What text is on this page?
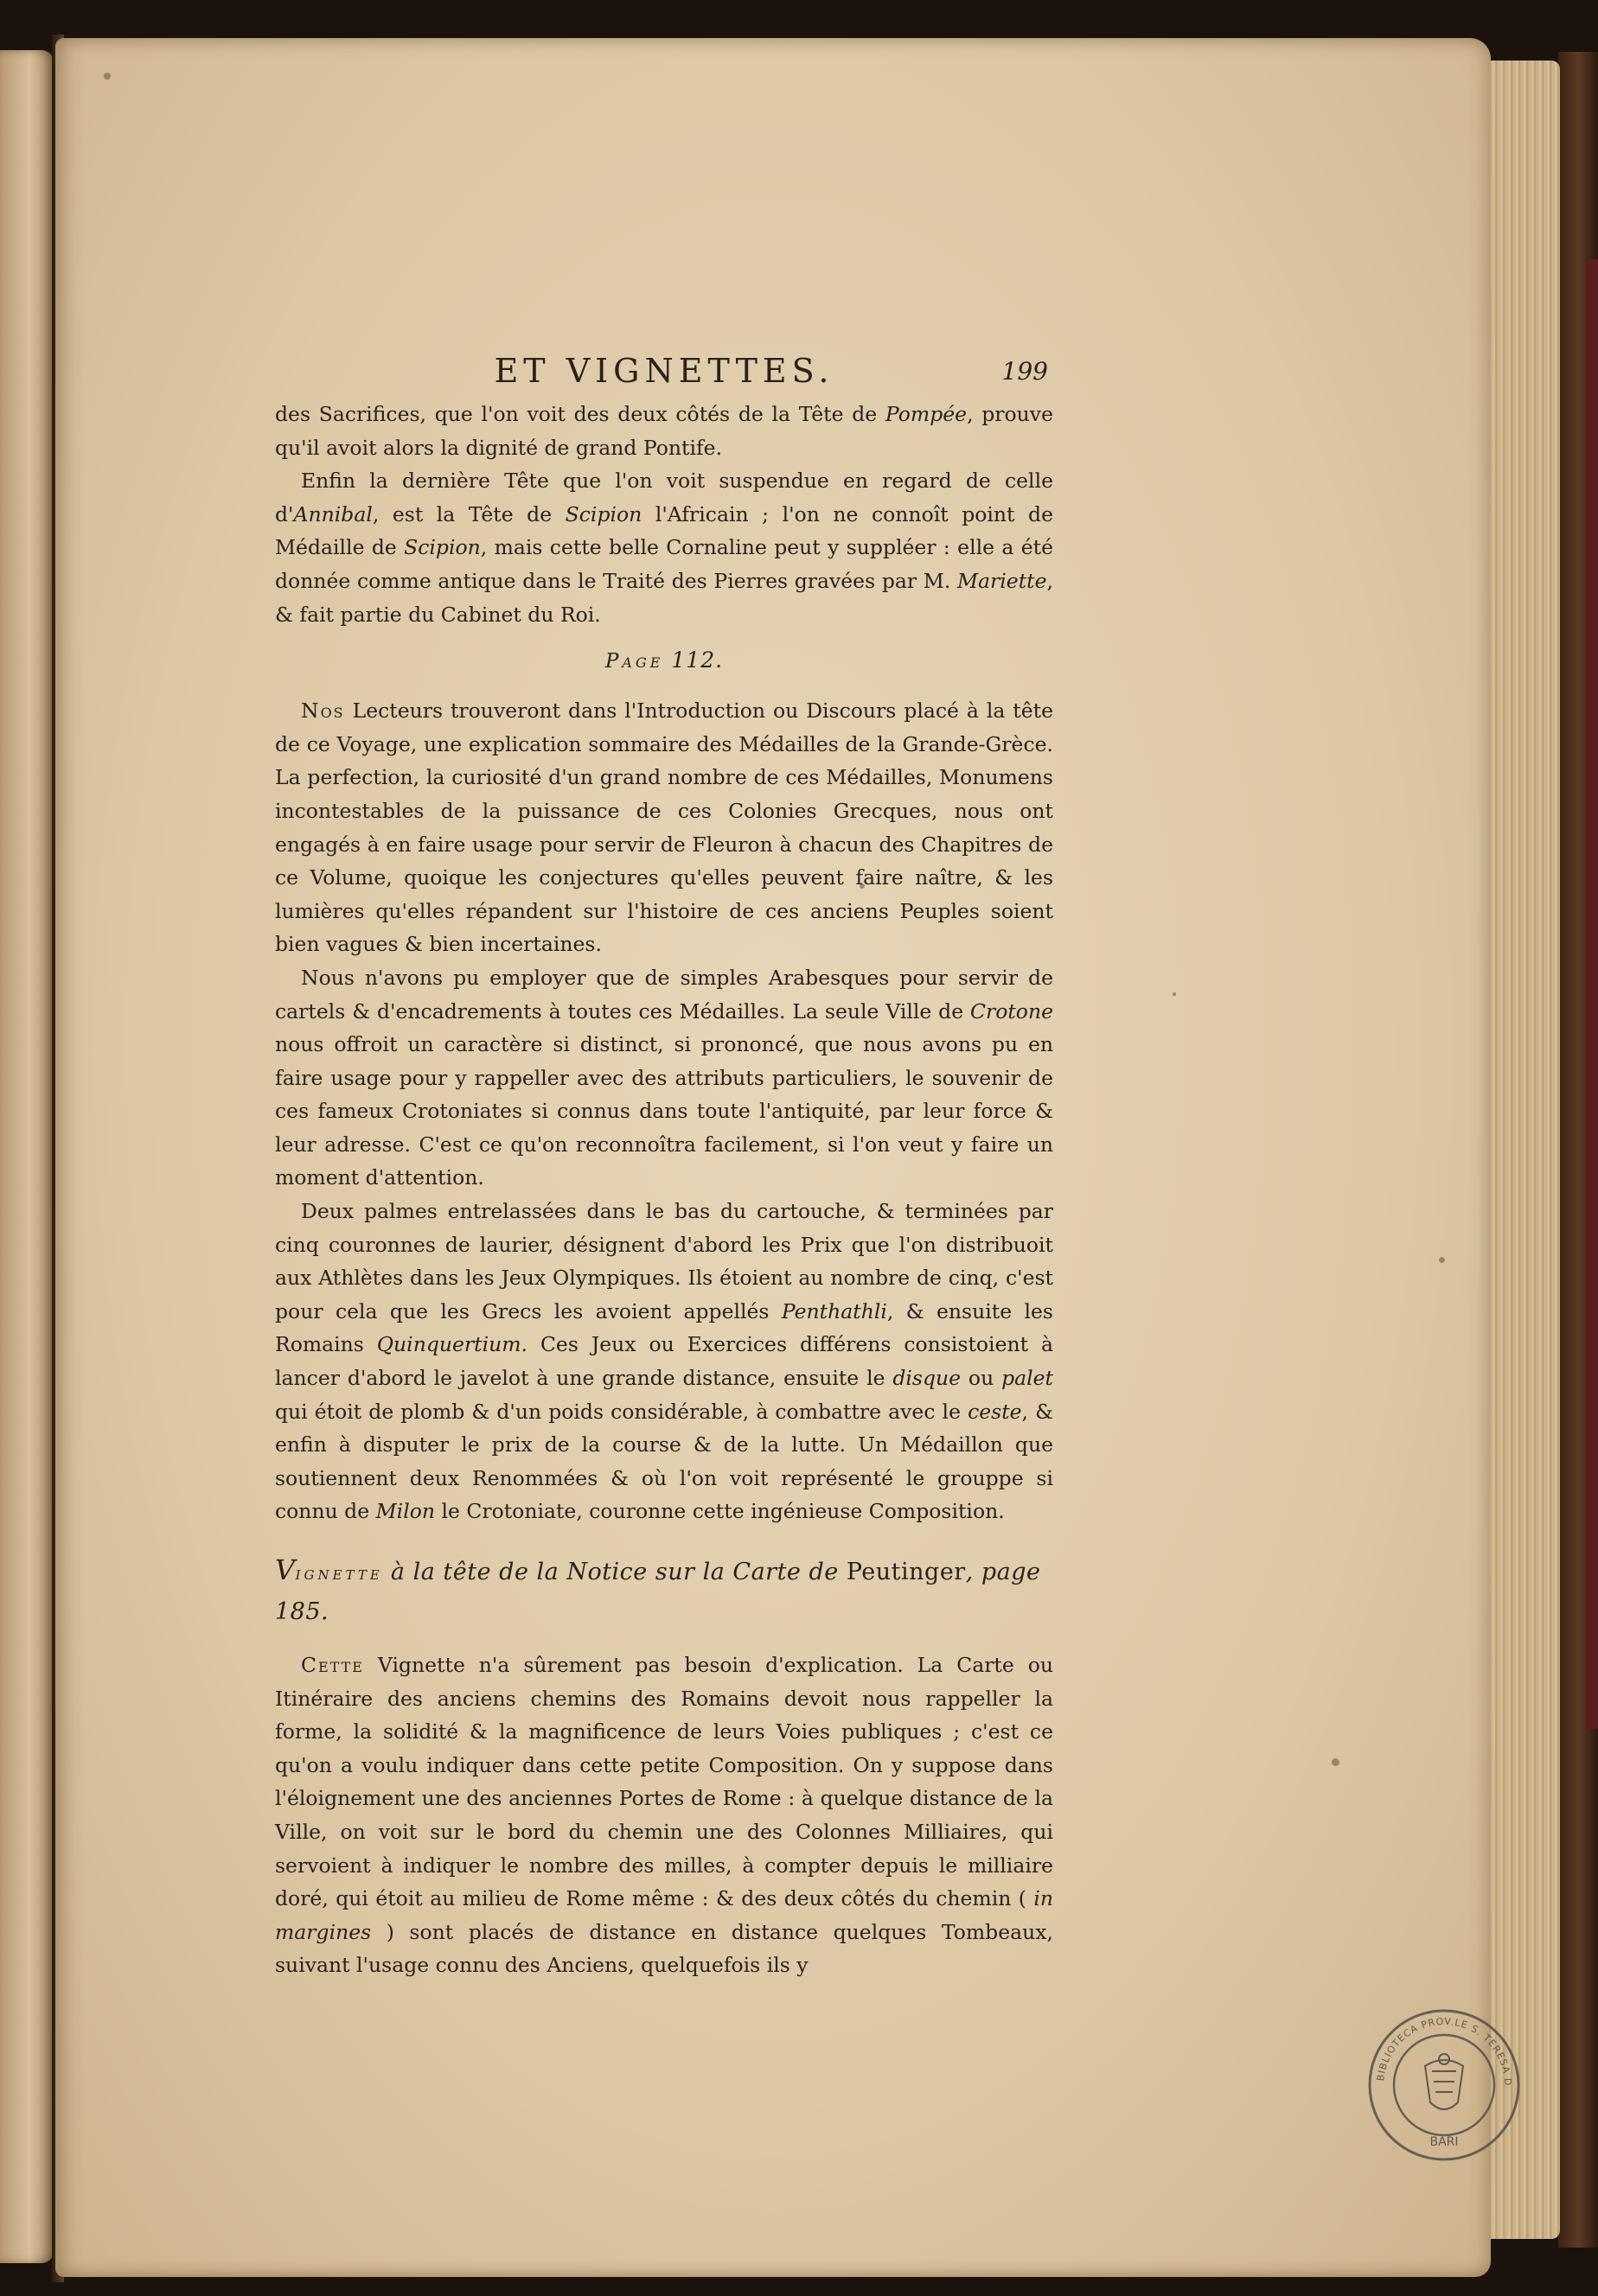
ET VIGNETTES.	199

des Sacrifices, que l'on voit des deux côtés de la Tête de Pompée, prouve qu'il avoit alors la dignité de grand Pontife.

Enfin la dernière Tête que l'on voit suspendue en regard de celle d'Annibal, est la Tête de Scipion l'Africain ; l'on ne connoît point de Médaille de Scipion, mais cette belle Cornaline peut y suppléer : elle a été donnée comme antique dans le Traité des Pierres gravées par M. Mariette, & fait partie du Cabinet du Roi.

Page 112.

Nos Lecteurs trouveront dans l'Introduction ou Discours placé à la tête de ce Voyage, une explication sommaire des Médailles de la Grande-Grèce. La perfection, la curiosité d'un grand nombre de ces Médailles, Monumens incontestables de la puissance de ces Colonies Grecques, nous ont engagés à en faire usage pour servir de Fleuron à chacun des Chapitres de ce Volume, quoique les conjectures qu'elles peuvent faire naître, & les lumières qu'elles répandent sur l'histoire de ces anciens Peuples soient bien vagues & bien incertaines.

Nous n'avons pu employer que de simples Arabesques pour servir de cartels & d'encadrements à toutes ces Médailles. La seule Ville de Crotone nous offroit un caractère si distinct, si prononcé, que nous avons pu en faire usage pour y rappeller avec des attributs particuliers, le souvenir de ces fameux Crotoniates si connus dans toute l'antiquité, par leur force & leur adresse. C'est ce qu'on reconnoîtra facilement, si l'on veut y faire un moment d'attention.

Deux palmes entrelassées dans le bas du cartouche, & terminées par cinq couronnes de laurier, désignent d'abord les Prix que l'on distribuoit aux Athlètes dans les Jeux Olympiques. Ils étoient au nombre de cinq, c'est pour cela que les Grecs les avoient appellés Penthathli, & ensuite les Romains Quinquertium. Ces Jeux ou Exercices différens consistoient à lancer d'abord le javelot à une grande distance, ensuite le disque ou palet qui étoit de plomb & d'un poids considérable, à combattre avec le ceste, & enfin à disputer le prix de la course & de la lutte. Un Médaillon que soutiennent deux Renommées & où l'on voit représenté le grouppe si connu de Milon le Crotoniate, couronne cette ingénieuse Composition.

Vignette à la tête de la Notice sur la Carte de Peutinger, page 185.

Cette Vignette n'a sûrement pas besoin d'explication. La Carte ou Itinéraire des anciens chemins des Romains devoit nous rappeller la forme, la solidité & la magnificence de leurs Voies publiques ; c'est ce qu'on a voulu indiquer dans cette petite Composition. On y suppose dans l'éloignement une des anciennes Portes de Rome : à quelque distance de la Ville, on voit sur le bord du chemin une des Colonnes Milliaires, qui servoient à indiquer le nombre des milles, à compter depuis le milliaire doré, qui étoit au milieu de Rome même : & des deux côtés du chemin ( in margines ) sont placés de distance en distance quelques Tombeaux, suivant l'usage connu des Anciens, quelquefois ils y

BIBLIOTECA PROV.LE S. TERESA D
BARI
